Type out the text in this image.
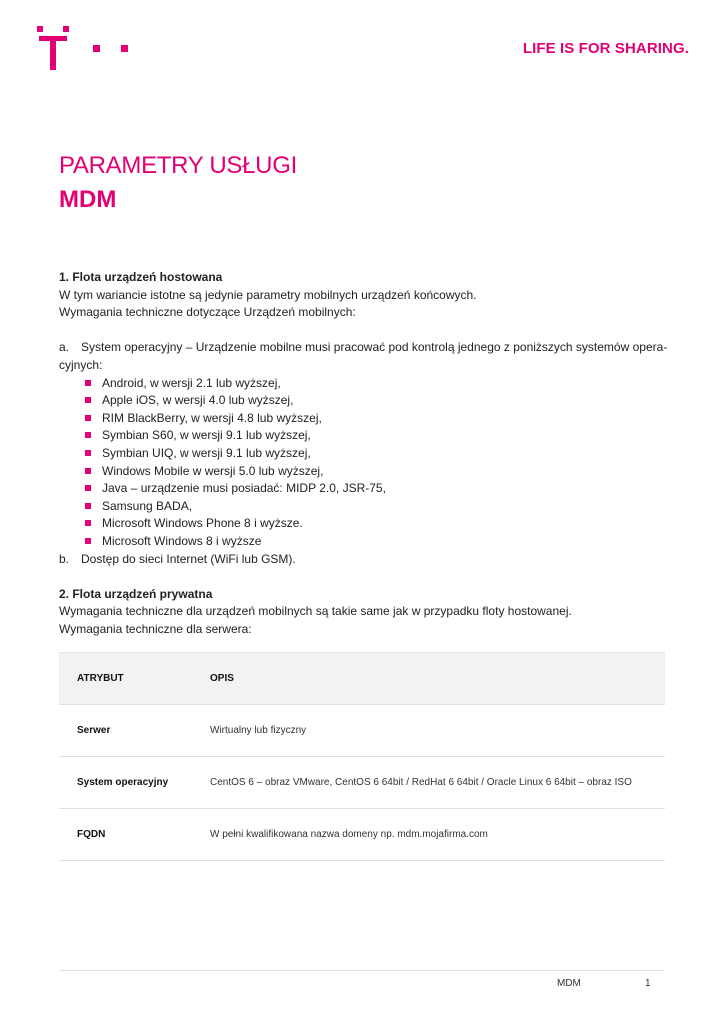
LIFE IS FOR SHARING.
PARAMETRY USŁUGI
MDM

1. Flota urządzeń hostowana

W tym wariancie istotne są jedynie parametry mobilnych urządzeń końcowych.

Wymagania techniczne dotyczące Urządzeń mobilnych:

a. System operacyjny – Urządzenie mobilne musi pracować pod kontrolą jednego z poniższych systemów opera-

cyjnych:

Android, w wersji 2.1 lub wyższej,
Apple iOS, w wersji 4.0 lub wyższej,
RIM BlackBerry, w wersji 4.8 lub wyższej,
Symbian S60, w wersji 9.1 lub wyższej,
Symbian UIQ, w wersji 9.1 lub wyższej,
Windows Mobile w wersji 5.0 lub wyższej,
Java – urządzenie musi posiadać: MIDP 2.0, JSR-75,
Samsung BADA,
Microsoft Windows Phone 8 i wyższe.
Microsoft Windows 8 i wyższe
b. Dostęp do sieci Internet (WiFi lub GSM).

2. Flota urządzeń prywatna

Wymagania techniczne dla urządzeń mobilnych są takie same jak w przypadku floty hostowanej.

Wymagania techniczne dla serwera:

ATRYBUT	OPIS
Serwer	Wirtualny lub fizyczny
System operacyjny	CentOS 6 – obraz VMware, CentOS 6 64bit / RedHat 6 64bit / Oracle Linux 6 64bit – obraz ISO
FQDN	W pełni kwalifikowana nazwa domeny np. mdm.mojafirma.com
MDM	1
